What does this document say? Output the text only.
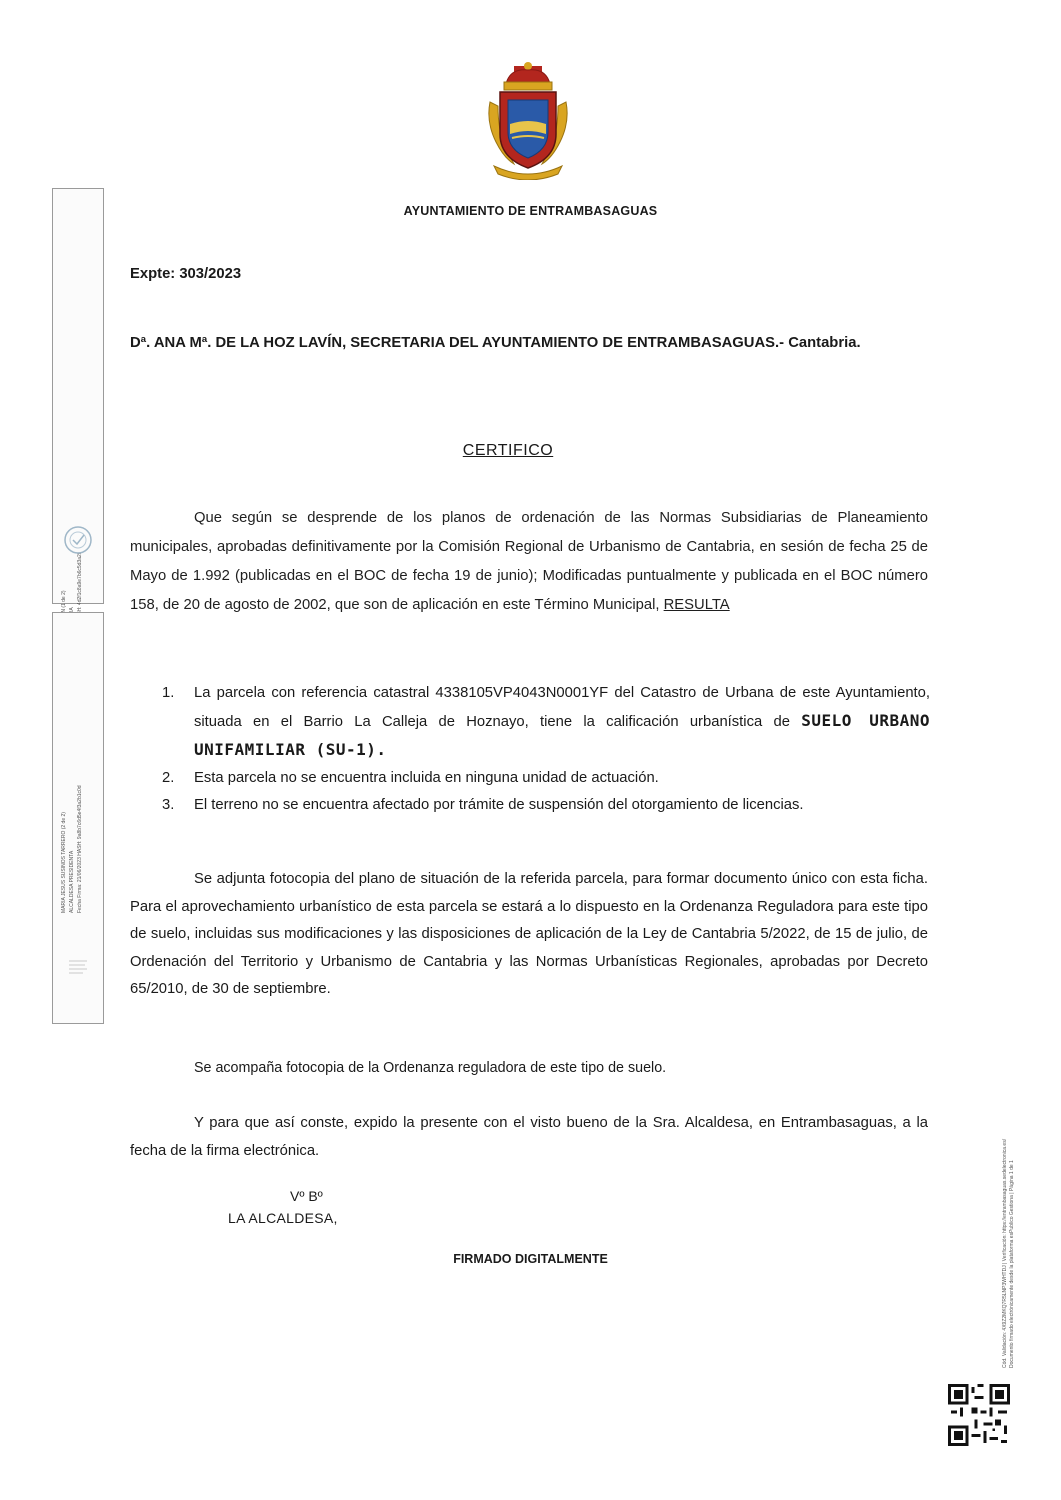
AYUNTAMIENTO DE ENTRAMBASAGUAS
MARIA JESUS SUSINOS TARRERO (2 de 2) ALCALDESA PRESIDENTA Fecha Firma: 21/06/2023 HASH: 9a8b7c6d5e4f3a2b1c0d
Cód. Validación: 4X9Z2MKQ7R5LNP3WHTDJ | Verificación: https://entrambasaguas.sedelectronica.es/ Documento firmado electrónicamente desde la plataforma esPublico Gestiona | Página 1 de 1
Expte: 303/2023
Dª. ANA Mª. DE LA HOZ LAVÍN, SECRETARIA DEL AYUNTAMIENTO DE ENTRAMBASAGUAS.- Cantabria.
CERTIFICO
Que según se desprende de los planos de ordenación de las Normas Subsidiarias de Planeamiento municipales, aprobadas definitivamente por la Comisión Regional de Urbanismo de Cantabria, en sesión de fecha 25 de Mayo de 1.992 (publicadas en el BOC de fecha 19 de junio); Modificadas puntualmente y publicada en el BOC número 158, de 20 de agosto de 2002, que son de aplicación en este Término Municipal, RESULTA
1. La parcela con referencia catastral 4338105VP4043N0001YF del Catastro de Urbana de este Ayuntamiento, situada en el Barrio La Calleja de Hoznayo, tiene la calificación urbanística de SUELO URBANO UNIFAMILIAR (SU-1).
2. Esta parcela no se encuentra incluida en ninguna unidad de actuación.
3. El terreno no se encuentra afectado por trámite de suspensión del otorgamiento de licencias.
Se adjunta fotocopia del plano de situación de la referida parcela, para formar documento único con esta ficha. Para el aprovechamiento urbanístico de esta parcela se estará a lo dispuesto en la Ordenanza Reguladora para este tipo de suelo, incluidas sus modificaciones y las disposiciones de aplicación de la Ley de Cantabria 5/2022, de 15 de julio, de Ordenación del Territorio y Urbanismo de Cantabria y las Normas Urbanísticas Regionales, aprobadas por Decreto 65/2010, de 30 de septiembre.
Se acompaña fotocopia de la Ordenanza reguladora de este tipo de suelo.
Y para que así conste, expido la presente con el visto bueno de la Sra. Alcaldesa, en Entrambasaguas, a la fecha de la firma electrónica.
Vº Bº
LA ALCALDESA,
FIRMADO DIGITALMENTE
